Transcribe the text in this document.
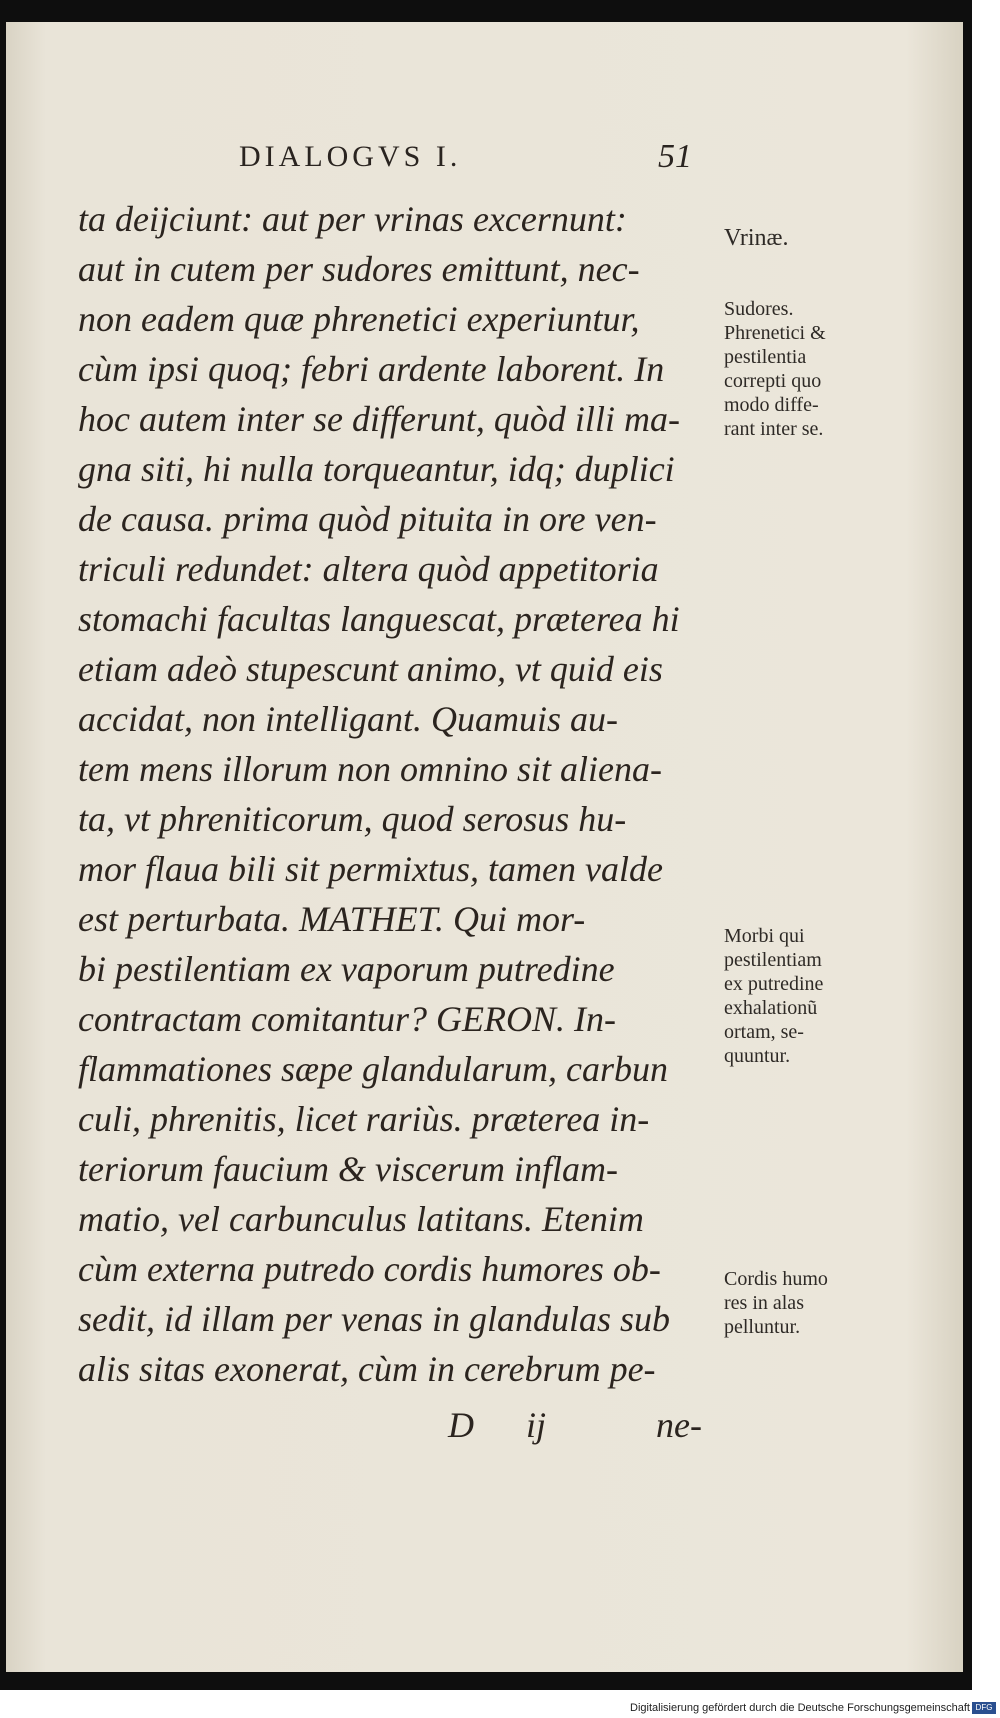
DIALOGVS I.	51
ta deijciunt: aut per vrinas excernunt:
aut in cutem per sudores emittunt, nec-
non eadem quæ phrenetici experiuntur,
cùm ipsi quoq; febri ardente laborent. In
hoc autem inter se differunt, quòd illi ma-
gna siti, hi nulla torqueantur, idq; duplici
de causa. prima quòd pituita in ore ven-
triculi redundet: altera quòd appetitoria
stomachi facultas languescat, præterea hi
etiam adeò stupescunt animo, vt quid eis
accidat, non intelligant. Quamuis au-
tem mens illorum non omnino sit aliena-
ta, vt phreniticorum, quod serosus hu-
mor flaua bili sit permixtus, tamen valde
est perturbata. MATHET. Qui mor-
bi pestilentiam ex vaporum putredine
contractam comitantur? GERON. In-
flammationes sæpe glandularum, carbun
culi, phrenitis, licet rariùs. præterea in-
teriorum faucium & viscerum inflam-
matio, vel carbunculus latitans. Etenim
cùm externa putredo cordis humores ob-
sedit, id illam per venas in glandulas sub
alis sitas exonerat, cùm in cerebrum pe-
D ij	ne-
Vrinæ.
Sudores.
Phrenetici &
pestilentia
correpti quo
modo diffe-
rant inter se.
Morbi qui
pestilentiam
ex putredine
exhalationũ
ortam, se-
quuntur.
Cordis humo
res in alas
pelluntur.
Digitalisierung gefördert durch die Deutsche Forschungsgemeinschaft DFG
